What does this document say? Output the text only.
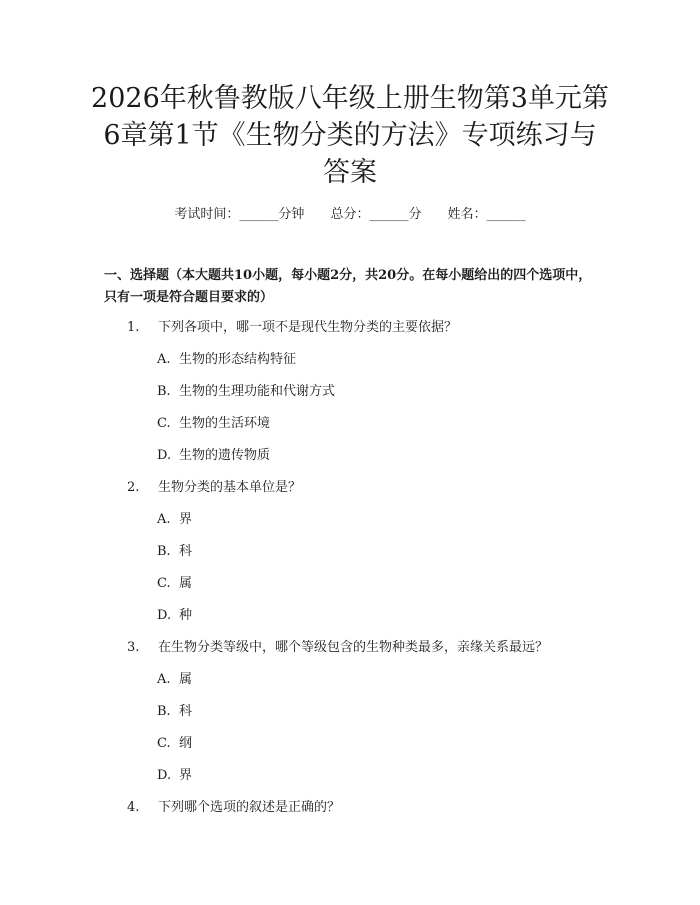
2026年秋鲁教版八年级上册生物第3单元第6章第1节《生物分类的方法》专项练习与答案
考试时间：______分钟 总分：______分 姓名：______
一、选择题（本大题共10小题，每小题2分，共20分。在每小题给出的四个选项中，只有一项是符合题目要求的）
1. 下列各项中，哪一项不是现代生物分类的主要依据？
A. 生物的形态结构特征
B. 生物的生理功能和代谢方式
C. 生物的生活环境
D. 生物的遗传物质
2. 生物分类的基本单位是？
A. 界
B. 科
C. 属
D. 种
3. 在生物分类等级中，哪个等级包含的生物种类最多，亲缘关系最远？
A. 属
B. 科
C. 纲
D. 界
4. 下列哪个选项的叙述是正确的？
